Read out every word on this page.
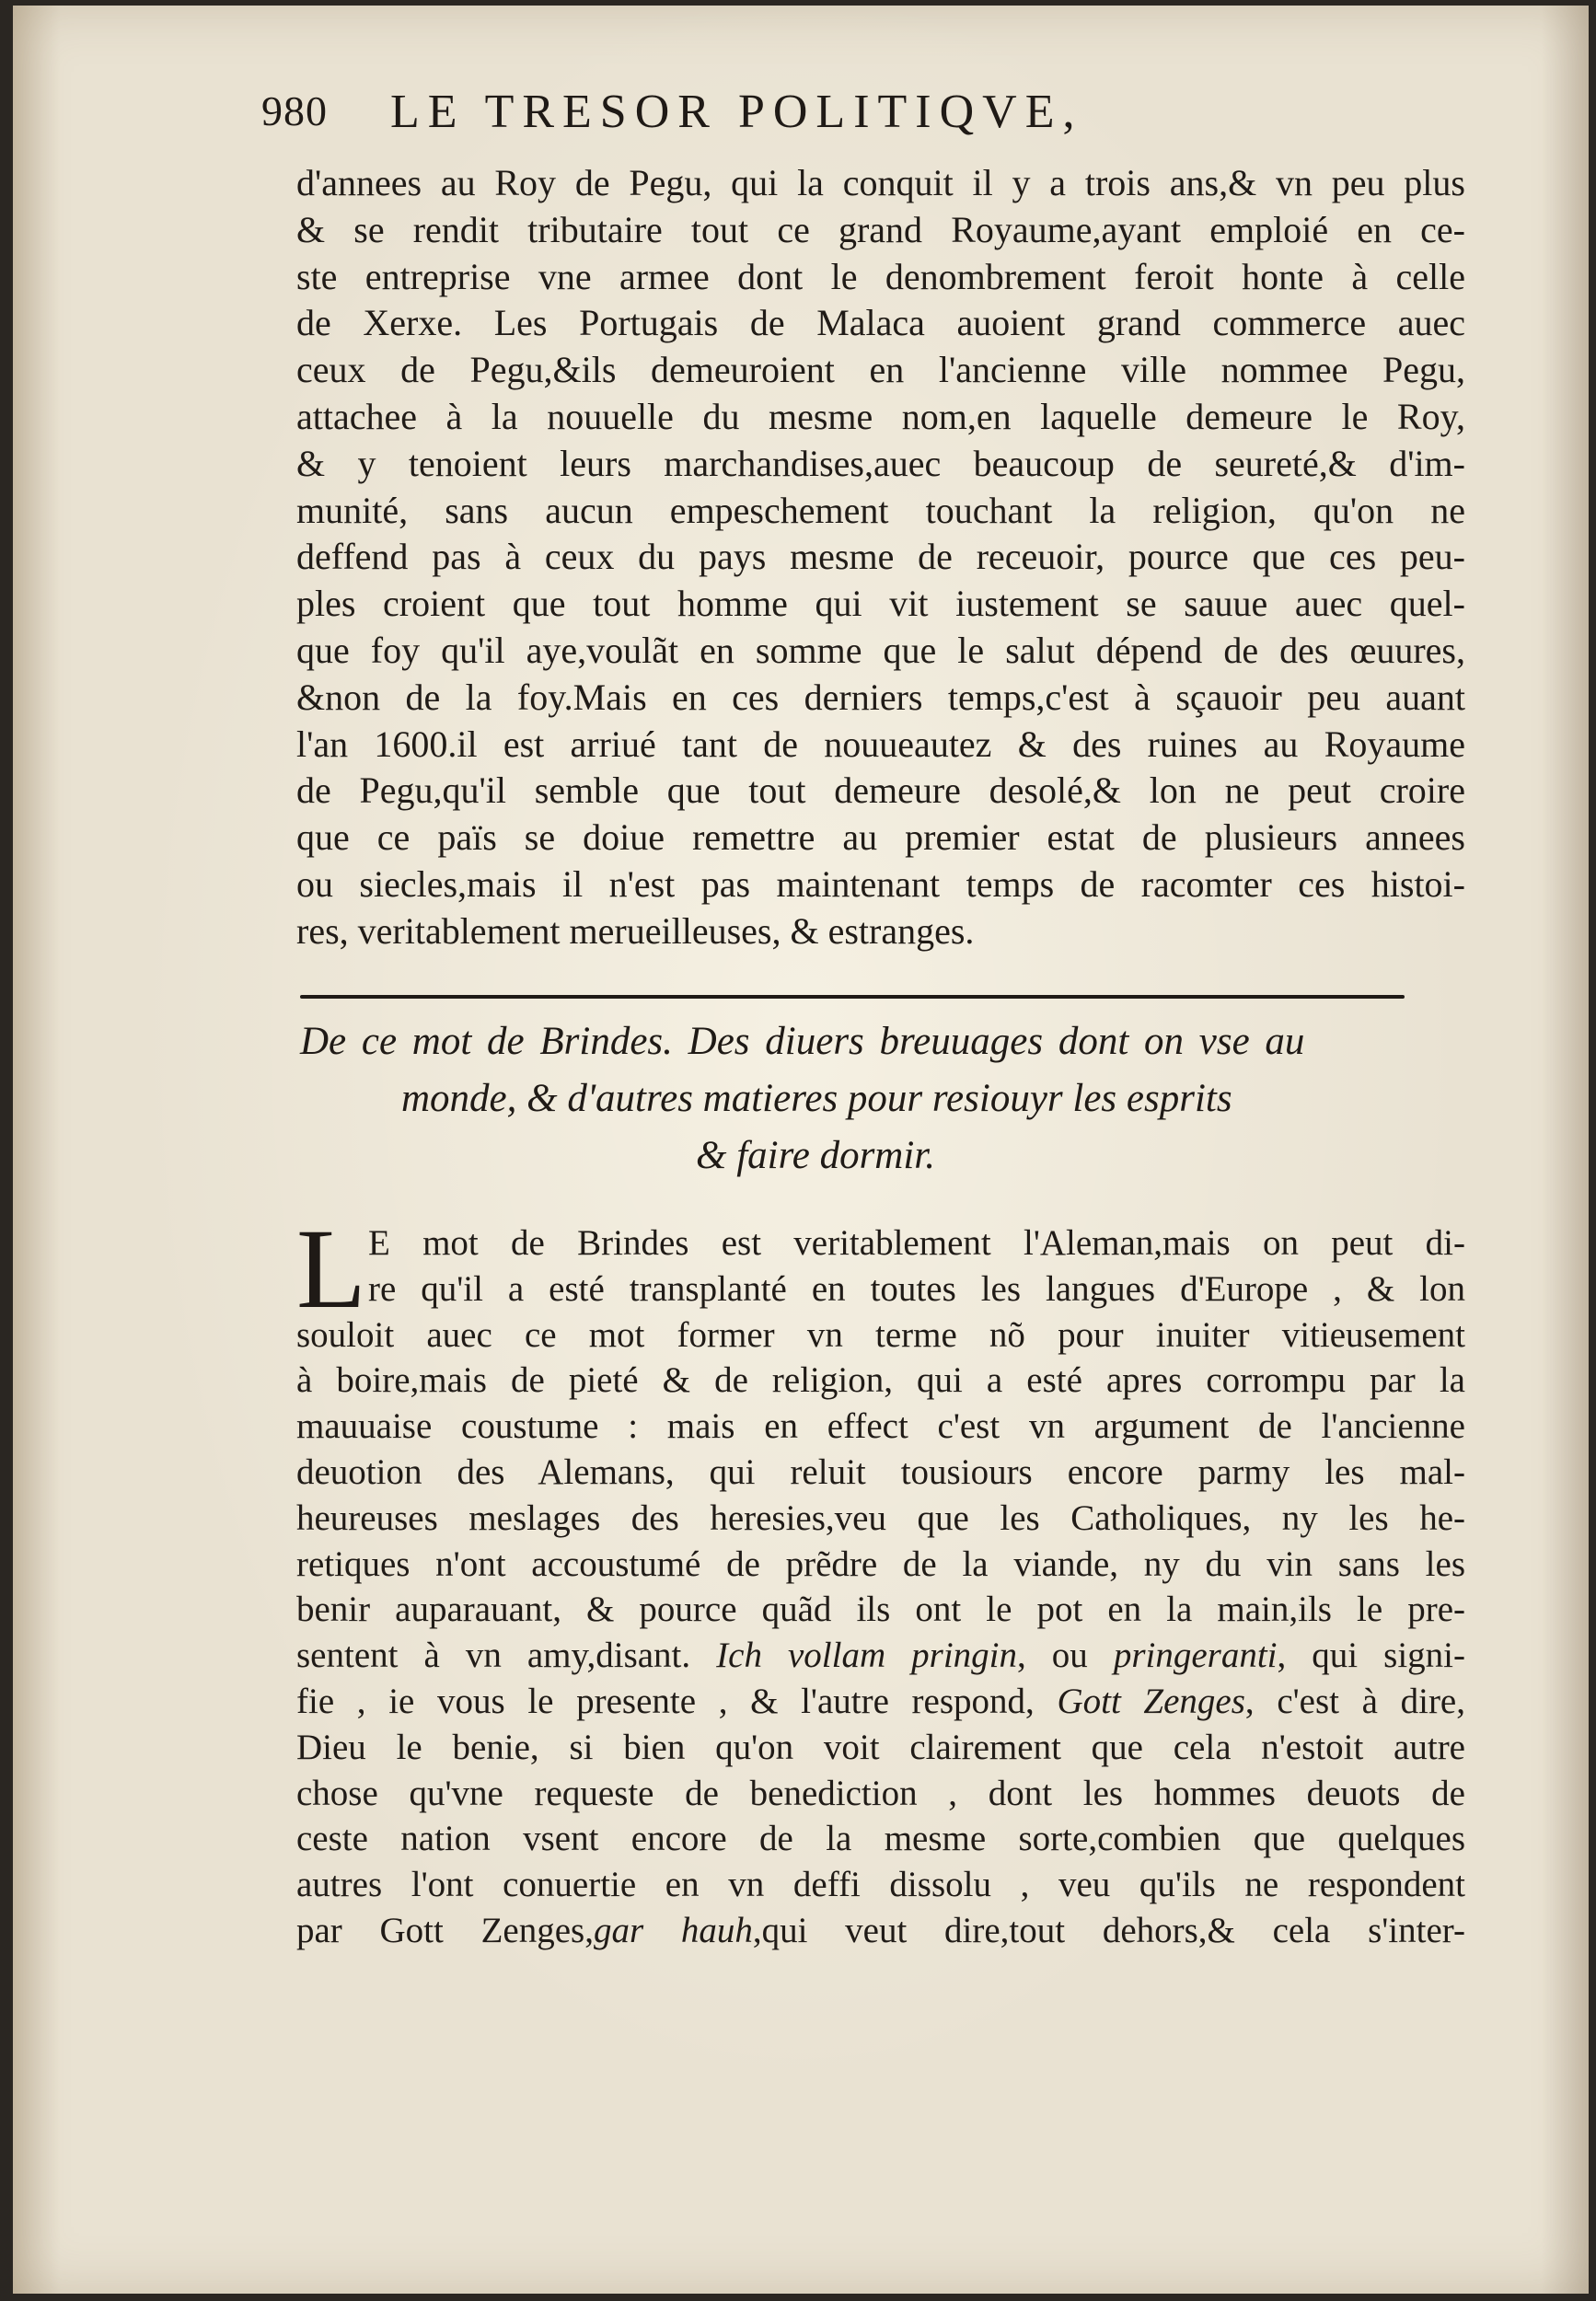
980 LE TRESOR POLITIQVE,
d'annees au Roy de Pegu, qui la conquit il y a trois ans,& vn peu plus
& se rendit tributaire tout ce grand Royaume,ayant emploié en ce-
ste entreprise vne armee dont le denombrement feroit honte à celle
de Xerxe. Les Portugais de Malaca auoient grand commerce auec
ceux de Pegu,&ils demeuroient en l'ancienne ville nommee Pegu,
attachee à la nouuelle du mesme nom,en laquelle demeure le Roy,
& y tenoient leurs marchandises,auec beaucoup de seureté,& d'im-
munité, sans aucun empeschement touchant la religion, qu'on ne
deffend pas à ceux du pays mesme de receuoir, pource que ces peu-
ples croient que tout homme qui vit iustement se sauue auec quel-
que foy qu'il aye,voulãt en somme que le salut dépend de des œuures,
&non de la foy.Mais en ces derniers temps,c'est à sçauoir peu auant
l'an 1600.il est arriué tant de nouueautez & des ruines au Royaume
de Pegu,qu'il semble que tout demeure desolé,& lon ne peut croire
que ce païs se doiue remettre au premier estat de plusieurs annees
ou siecles,mais il n'est pas maintenant temps de racomter ces histoi-
res, veritablement merueilleuses, & estranges.
De ce mot de Brindes. Des diuers breuuages dont on vse au
monde, & d'autres matieres pour resiouyr les esprits
& faire dormir.
L E mot de Brindes est veritablement l'Aleman,mais on peut di-
re qu'il a esté transplanté en toutes les langues d'Europe , & lon
souloit auec ce mot former vn terme nõ pour inuiter vitieusement
à boire,mais de pieté & de religion, qui a esté apres corrompu par la
mauuaise coustume : mais en effect c'est vn argument de l'ancienne
deuotion des Alemans, qui reluit tousiours encore parmy les mal-
heureuses meslages des heresies,veu que les Catholiques, ny les he-
retiques n'ont accoustumé de prẽdre de la viande, ny du vin sans les
benir auparauant, & pource quãd ils ont le pot en la main,ils le pre-
sentent à vn amy,disant. Ich vollam pringin, ou pringeranti, qui signi-
fie , ie vous le presente , & l'autre respond, Gott Zenges, c'est à dire,
Dieu le benie, si bien qu'on voit clairement que cela n'estoit autre
chose qu'vne requeste de benediction , dont les hommes deuots de
ceste nation vsent encore de la mesme sorte,combien que quelques
autres l'ont conuertie en vn deffi dissolu , veu qu'ils ne respondent
par Gott Zenges,gar hauh,qui veut dire,tout dehors,& cela s'inter-
